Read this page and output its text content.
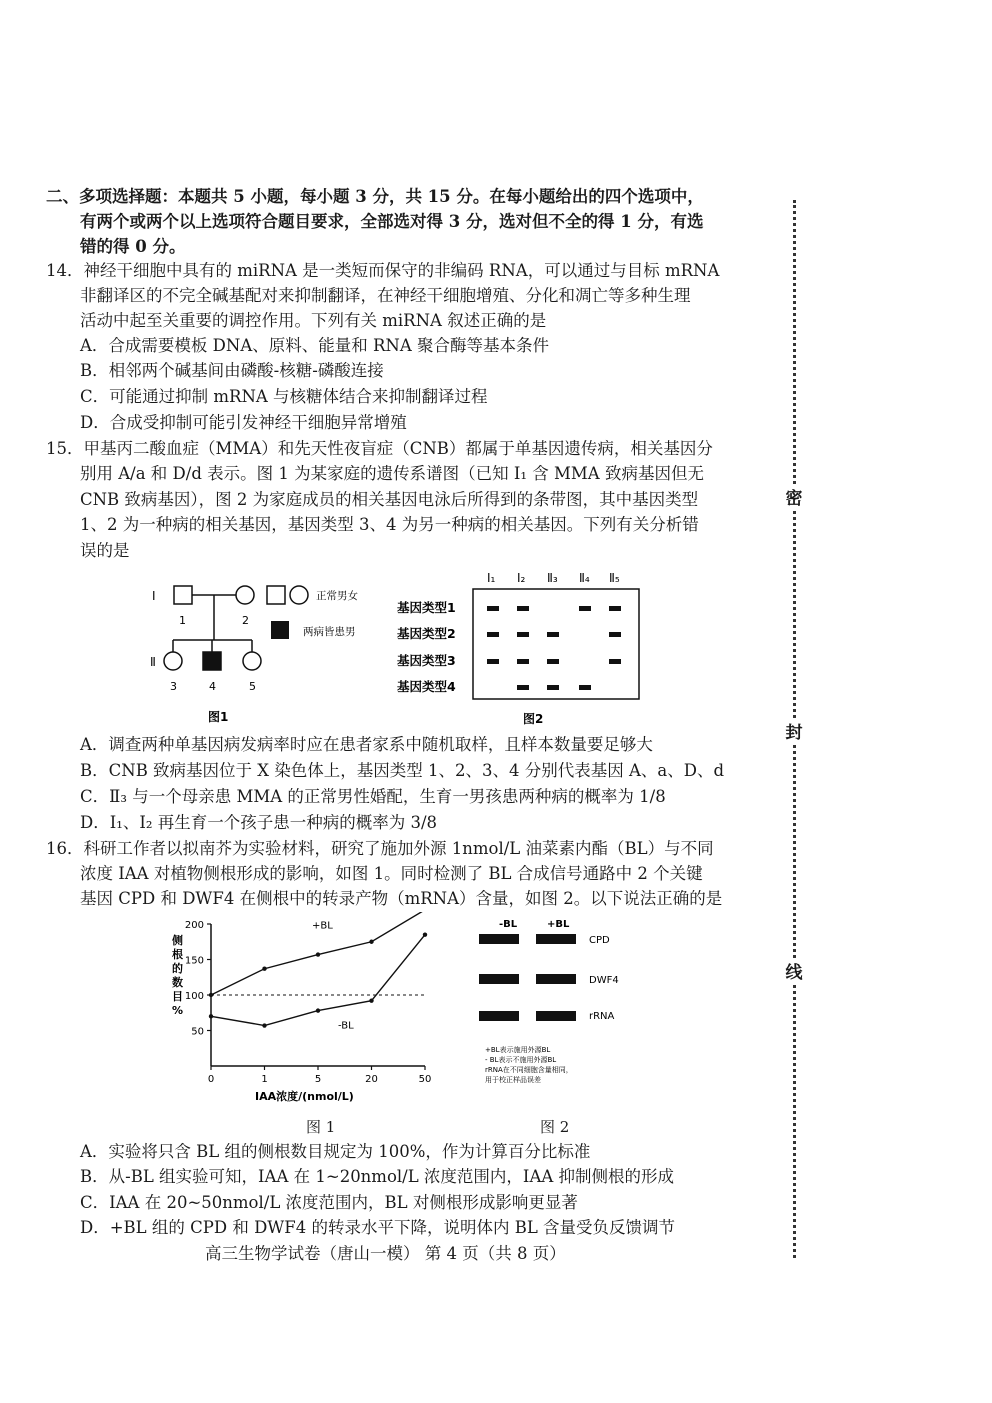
二、多项选择题：本题共 5 小题，每小题 3 分，共 15 分。在每小题给出的四个选项中，
有两个或两个以上选项符合题目要求，全部选对得 3 分，选对但不全的得 1 分，有选
错的得 0 分。
14．神经干细胞中具有的 miRNA 是一类短而保守的非编码 RNA，可以通过与目标 mRNA
非翻译区的不完全碱基配对来抑制翻译，在神经干细胞增殖、分化和凋亡等多种生理
活动中起至关重要的调控作用。下列有关 miRNA 叙述正确的是
A．合成需要模板 DNA、原料、能量和 RNA 聚合酶等基本条件
B．相邻两个碱基间由磷酸-核糖-磷酸连接
C．可能通过抑制 mRNA 与核糖体结合来抑制翻译过程
D．合成受抑制可能引发神经干细胞异常增殖
15．甲基丙二酸血症（MMA）和先天性夜盲症（CNB）都属于单基因遗传病，相关基因分
别用 A/a 和 D/d 表示。图 1 为某家庭的遗传系谱图（已知 Ⅰ₁ 含 MMA 致病基因但无
CNB 致病基因），图 2 为家庭成员的相关基因电泳后所得到的条带图，其中基因类型
1、2 为一种病的相关基因，基因类型 3、4 为另一种病的相关基因。下列有关分析错
误的是
Ⅰ
Ⅱ
1	2
3	4	5
正常男女
两病皆患男
图1
Ⅰ₁ Ⅰ₂ Ⅱ₃ Ⅱ₄ Ⅱ₅
基因类型1
基因类型2
基因类型3
基因类型4
图2
A．调查两种单基因病发病率时应在患者家系中随机取样，且样本数量要足够大
B．CNB 致病基因位于 X 染色体上，基因类型 1、2、3、4 分别代表基因 A、a、D、d
C．Ⅱ₃ 与一个母亲患 MMA 的正常男性婚配，生育一男孩患两种病的概率为 1/8
D．Ⅰ₁、Ⅰ₂ 再生育一个孩子患一种病的概率为 3/8
16．科研工作者以拟南芥为实验材料，研究了施加外源 1nmol/L 油菜素内酯（BL）与不同
浓度 IAA 对植物侧根形成的影响，如图 1。同时检测了 BL 合成信号通路中 2 个关键
基因 CPD 和 DWF4 在侧根中的转录产物（mRNA）含量，如图 2。以下说法正确的是
侧根的数目%
50
100
150
200
0	1	5	20	50
+BL
-BL
IAA浓度/(nmol/L)
-BL	+BL
CPD
DWF4
rRNA
+BL表示施用外源BL
- BL表示不施用外源BL
rRNA在不同细胞含量相同，
用于校正样品误差
图 1	图 2
A．实验将只含 BL 组的侧根数目规定为 100%，作为计算百分比标准
B．从-BL 组实验可知，IAA 在 1~20nmol/L 浓度范围内，IAA 抑制侧根的形成
C．IAA 在 20~50nmol/L 浓度范围内，BL 对侧根形成影响更显著
D．+BL 组的 CPD 和 DWF4 的转录水平下降，说明体内 BL 含量受负反馈调节
高三生物学试卷（唐山一模） 第 4 页（共 8 页）
密
封
线
